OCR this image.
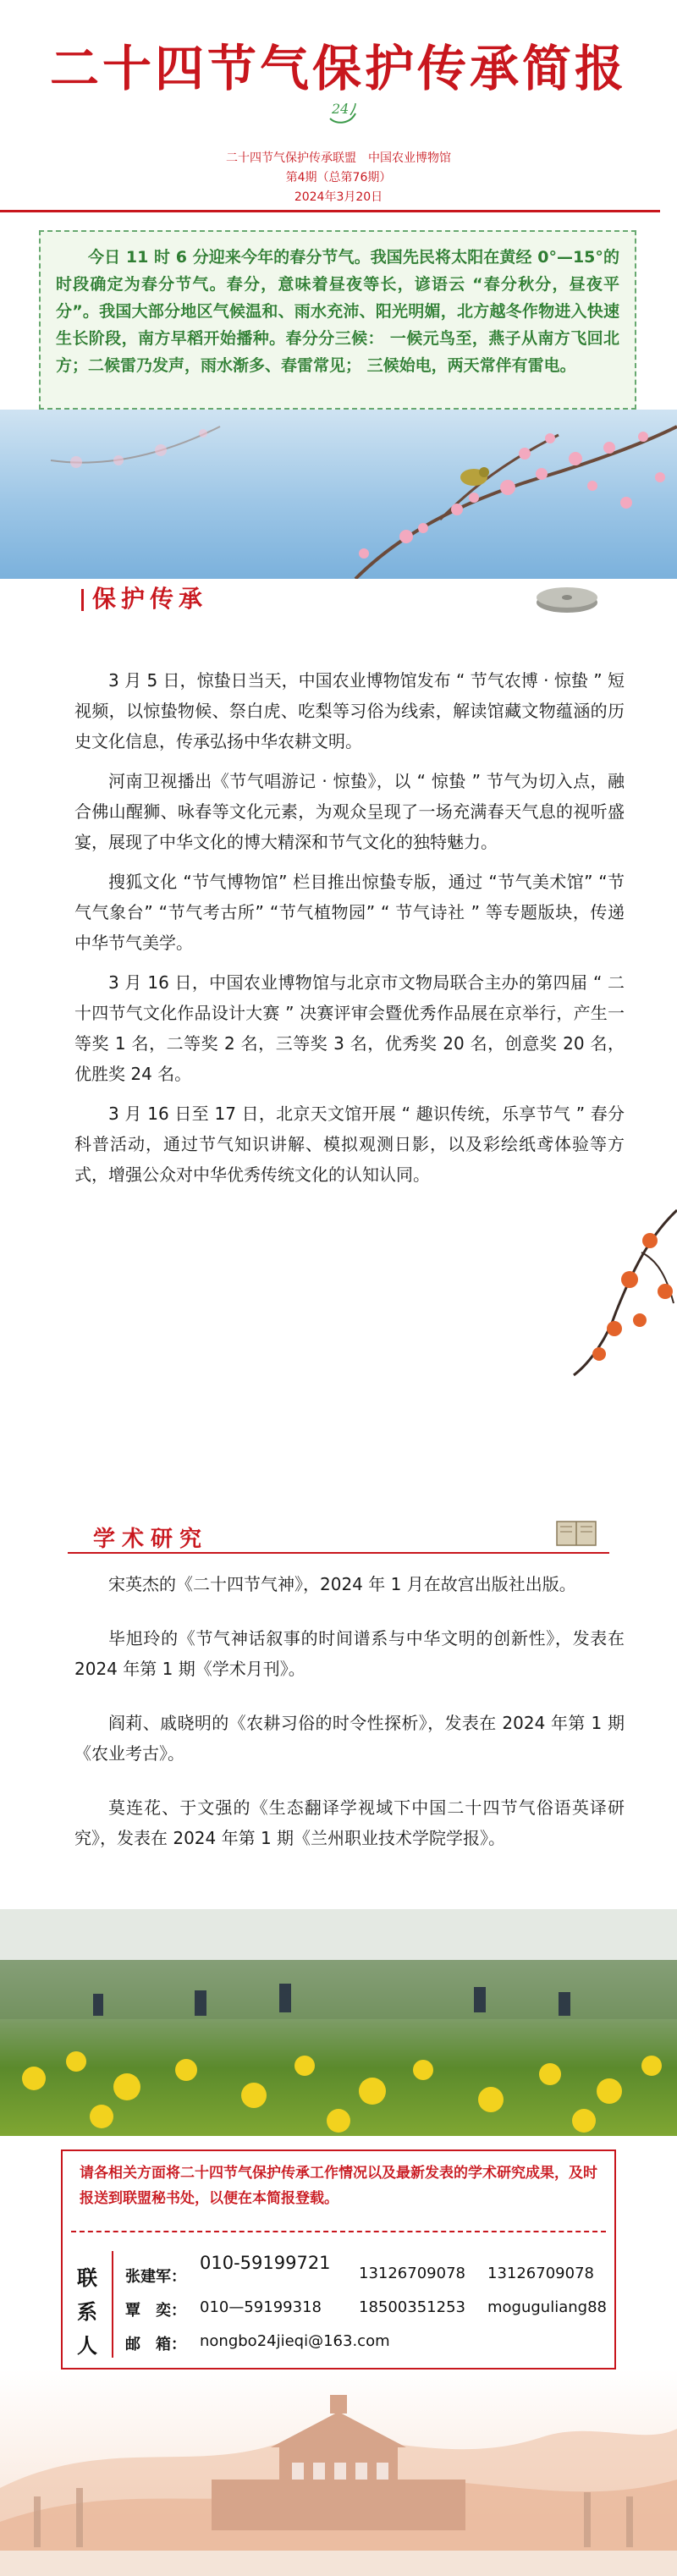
二十四节气保护传承简报
24
二十四节气保护传承联盟　中国农业博物馆
第4期（总第76期）
2024年3月20日
今日 11 时 6 分迎来今年的春分节气。我国先民将太阳在黄经 0°—15°的时段确定为春分节气。春分，意味着昼夜等长，谚语云 “春分秋分，昼夜平分”。我国大部分地区气候温和、雨水充沛、阳光明媚，北方越冬作物进入快速生长阶段，南方早稻开始播种。春分分三候： 一候元鸟至，燕子从南方飞回北方；二候雷乃发声，雨水渐多、春雷常见； 三候始电，两天常伴有雷电。
保护传承

3 月 5 日，惊蛰日当天，中国农业博物馆发布 “ 节气农博 · 惊蛰 ” 短视频，以惊蛰物候、祭白虎、吃梨等习俗为线索，解读馆藏文物蕴涵的历史文化信息，传承弘扬中华农耕文明。

河南卫视播出《节气唱游记 · 惊蛰》，以 “ 惊蛰 ” 节气为切入点，融合佛山醒狮、咏春等文化元素，为观众呈现了一场充满春天气息的视听盛宴，展现了中华文化的博大精深和节气文化的独特魅力。

搜狐文化 “节气博物馆” 栏目推出惊蛰专版，通过 “节气美术馆” “节气气象台” “节气考古所” “节气植物园” “ 节气诗社 ” 等专题版块，传递中华节气美学。

3 月 16 日，中国农业博物馆与北京市文物局联合主办的第四届 “ 二十四节气文化作品设计大赛 ” 决赛评审会暨优秀作品展在京举行，产生一等奖 1 名，二等奖 2 名，三等奖 3 名，优秀奖 20 名，创意奖 20 名，优胜奖 24 名。

3 月 16 日至 17 日，北京天文馆开展 “ 趣识传统，乐享节气 ” 春分科普活动，通过节气知识讲解、模拟观测日影，以及彩绘纸鸢体验等方式，增强公众对中华优秀传统文化的认知认同。

学术研究

宋英杰的《二十四节气神》，2024 年 1 月在故宫出版社出版。

毕旭玲的《节气神话叙事的时间谱系与中华文明的创新性》，发表在 2024 年第 1 期《学术月刊》。

阎莉、戚晓明的《农耕习俗的时令性探析》，发表在 2024 年第 1 期《农业考古》。

莫连花、于文强的《生态翻译学视域下中国二十四节气俗语英译研究》，发表在 2024 年第 1 期《兰州职业技术学院学报》。

请各相关方面将二十四节气保护传承工作情况以及最新发表的学术研究成果，及时报送到联盟秘书处，以便在本简报登载。
联
系
人
张建军：
010-59199721
13126709078 13126709078
覃　奕： 010—59199318 18500351253 moguguliang88
邮　箱： nongbo24jieqi@163.com
